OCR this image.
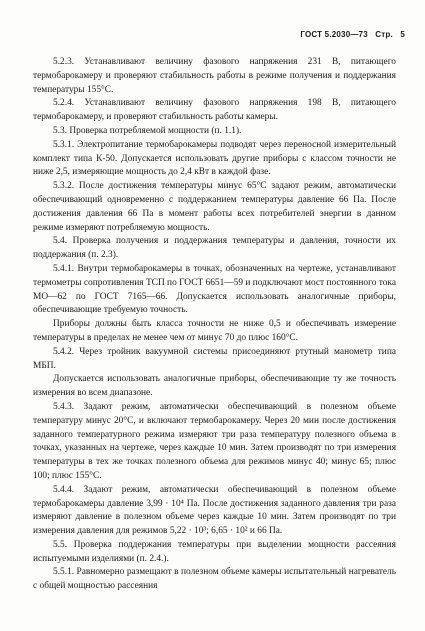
ГОСТ 5.2030—73 Стр. 5

5.2.3. Устанавливают величину фазового напряжения 231 В, питающего термобарокамеру и проверяют стабильность работы в режиме получения и поддержания температуры 155°С.

5.2.4. Устанавливают величину фазового напряжения 198 В, питающего термобарокамеру, и проверяют стабильность работы камеры.

5.3. Проверка потребляемой мощности (п. 1.1).

5.3.1. Электропитание термобарокамеры подводят через переносной измерительный комплект типа К-50. Допускается использовать другие приборы с классом точности не ниже 2,5, измеряющие мощность до 2,4 кВт в каждой фазе.

5.3.2. После достижения температуры минус 65°С задают режим, автоматически обеспечивающий одновременно с поддержанием температуры давление 66 Па. После достижения давления 66 Па в момент работы всех потребителей энергии в данном режиме измеряют потребляемую мощность.

5.4. Проверка получения и поддержания температуры и давления, точности их поддержания (п. 2.3).

5.4.1. Внутри термобарокамеры в точках, обозначенных на чертеже, устанавливают термометры сопротивления ТСП по ГОСТ 6651—59 и подключают мост постоянного тока МО—62 по ГОСТ 7165—66. Допускается использовать аналогичные приборы, обеспечивающие требуемую точность.

Приборы должны быть класса точности не ниже 0,5 и обеспечивать измерение температуры в пределах не менее чем от минус 70 до плюс 160°С.

5.4.2. Через тройник вакуумной системы присоединяют ртутный манометр типа МБП.

Допускается использовать аналогичные приборы, обеспечивающие ту же точность измерения во всем диапазоне.

5.4.3. Задают режим, автоматически обеспечивающий в полезном объеме температуру минус 20°С, и включают термобарокамеру. Через 20 мин после достижения заданного температурного режима измеряют три раза температуру полезного объема в точках, указанных на чертеже, через каждые 10 мин. Затем производят по три измерения температуры в тех же точках полезного объема для режимов минус 40; минус 65; плюс 100; плюс 155°С.

5.4.4. Задают режим, автоматически обеспечивающий в полезном объеме термобарокамеры давление 3,99 · 10⁴ Па. После достижения заданного давления три раза измеряют давление в полезном объеме через каждые 10 мин. Затем производят по три измерения давления для режимов 5,22 · 10³; 6,65 · 10² и 66 Па.

5.5. Проверка поддержания температуры при выделении мощности рассеяния испытуемыми изделиями (п. 2.4.).

5.5.1. Равномерно размещают в полезном объеме камеры испытательный нагреватель с общей мощностью рассеяния
